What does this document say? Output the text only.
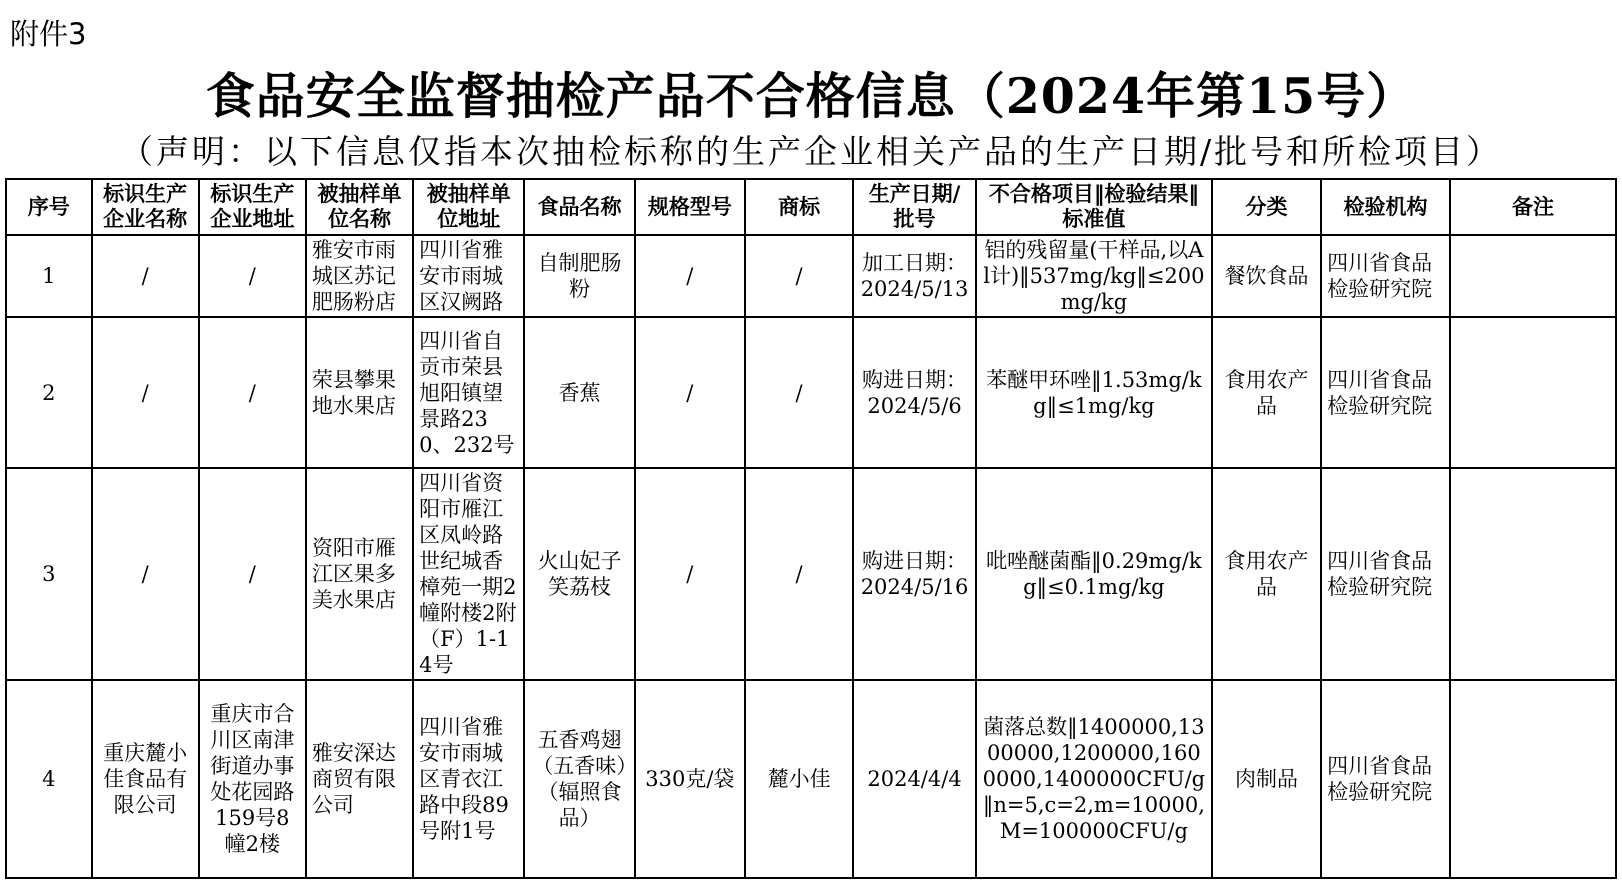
附件3
食品安全监督抽检产品不合格信息（2024年第15号）
（声明：以下信息仅指本次抽检标称的生产企业相关产品的生产日期/批号和所检项目）
序号	标识生产企业名称	标识生产企业地址	被抽样单位名称	被抽样单位地址	食品名称	规格型号	商标	生产日期/批号	不合格项目‖检验结果‖标准值	分类	检验机构	备注
1	/	/	雅安市雨城区苏记肥肠粉店	四川省雅安市雨城区汉阙路	自制肥肠粉	/	/	加工日期：2024/5/13	铝的残留量(干样品,以Al计)‖537mg/kg‖≤200mg/kg	餐饮食品	四川省食品检验研究院	
2	/	/	荣县攀果地水果店	四川省自贡市荣县旭阳镇望景路230、232号	香蕉	/	/	购进日期：2024/5/6	苯醚甲环唑‖1.53mg/kg‖≤1mg/kg	食用农产品	四川省食品检验研究院	
3	/	/	资阳市雁江区果多美水果店	四川省资阳市雁江区凤岭路世纪城香樟苑一期2幢附楼2附（F）1-14号	火山妃子笑荔枝	/	/	购进日期：2024/5/16	吡唑醚菌酯‖0.29mg/kg‖≤0.1mg/kg	食用农产品	四川省食品检验研究院	
4	重庆麓小佳食品有限公司	重庆市合川区南津街道办事处花园路159号8幢2楼	雅安深达商贸有限公司	四川省雅安市雨城区青衣江路中段89号附1号	五香鸡翅（五香味）（辐照食品）	330克/袋	麓小佳	2024/4/4	菌落总数‖1400000,1300000,1200000,1600000,1400000CFU/g‖n=5,c=2,m=10000,M=100000CFU/g	肉制品	四川省食品检验研究院	
